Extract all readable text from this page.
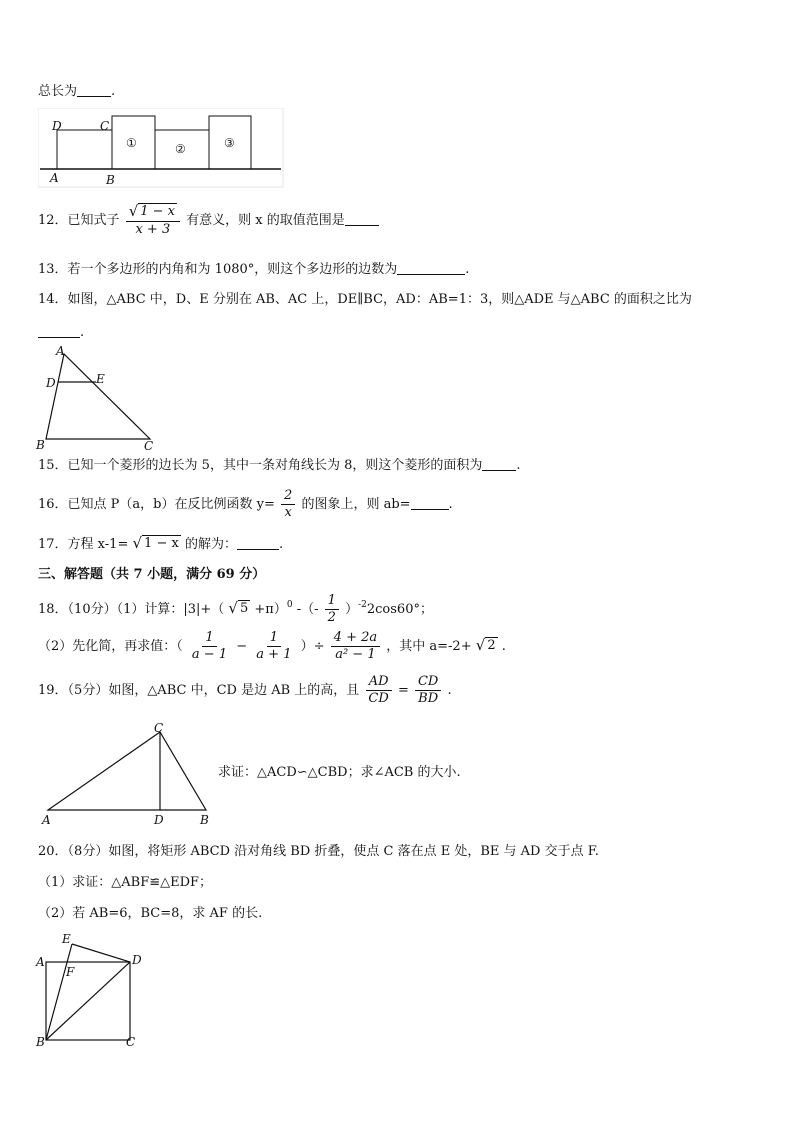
总长为	.
D	C
A	B
①	②	③
12．已知式子 $\frac{√ 1 - x}{x + 3}$ 有意义，则 x 的取值范围是
13．若一个多边形的内角和为 1080°，则这个多边形的边数为	.
14．如图，△ABC 中，D、E 分别在 AB、AC 上，DE∥BC，AD：AB=1：3，则△ADE 与△ABC 的面积之比为
.
A
D	E
B	C
15．已知一个菱形的边长为 5，其中一条对角线长为 8，则这个菱形的面积为	.
16．已知点 P（a，b）在反比例函数 $y= \frac{2}{x}$ 的图象上，则 ab=	.
17．方程 x-1= √ 1 − x 的解为：	.
三、解答题（共 7 小题，满分 69 分）
18．（10分）（1）计算：|3|+（ √ 5 +π）$^0$ -（- $\frac{1}{2} )^{-2}2\cos 60^\circ$；
（2）先化简，再求值：（ $\frac{1}{a - 1} - \frac{1}{a + 1}$ ）÷ $\frac{4 + 2a}{\text{a² − 1}}$ ，其中 a=-2+ √ 2 .
19．（5分）如图，△ABC 中，CD 是边 AB 上的高，且 $\frac{AD}{CD} = \frac{CD}{BD}$ .
C
A	D	B
求证：△ACD∽△CBD；求∠ACB 的大小.
20．（8分）如图，将矩形 ABCD 沿对角线 BD 折叠，使点 C 落在点 E 处，BE 与 AD 交于点 F.
（1）求证：△ABF≌△EDF；
（2）若 AB=6，BC=8，求 AF 的长.
E
A
F
D
B	C
